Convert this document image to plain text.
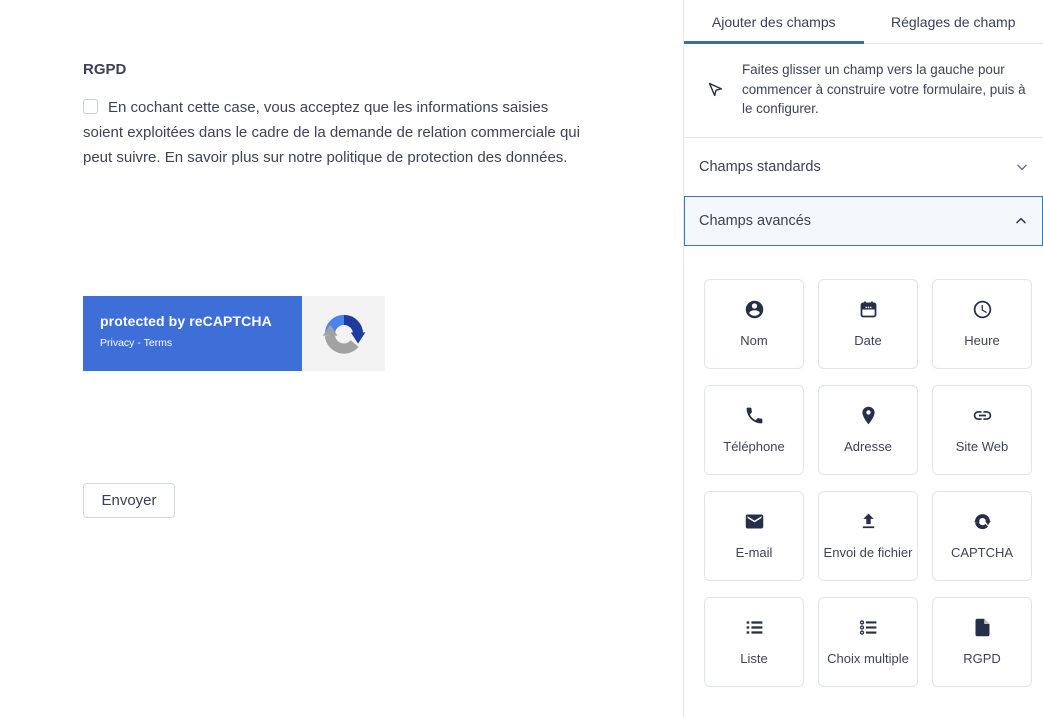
RGPD
En cochant cette case, vous acceptez que les informations saisies soient exploitées dans le cadre de la demande de relation commerciale qui peut suivre. En savoir plus sur notre politique de protection des données.
protected by reCAPTCHA
Privacy - Terms
Envoyer
Ajouter des champs	Réglages de champ
Faites glisser un champ vers la gauche pour commencer à construire votre formulaire, puis à le configurer.
Champs standards
Champs avancés
Nom	Date	Heure
Téléphone	Adresse	Site Web
E-mail	Envoi de fichier	CAPTCHA
Liste	Choix multiple	RGPD
